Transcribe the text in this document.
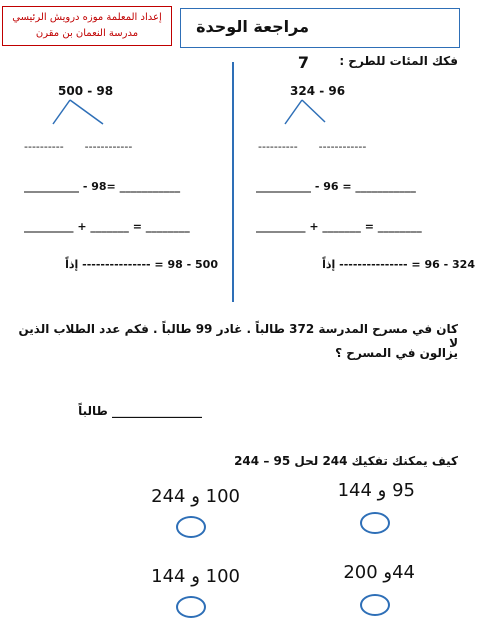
إعداد المعلمة موزه درويش الرئيسي
مدرسة النعمان بن مقرن	مراجعة الوحدة 7	فكك المئات للطرح :
324 - 96
----------      ------------
__________ - 96 = ___________
_________ + _______ = ________
324 - 96 = --------------- إذاً
500 - 98
----------      ------------
__________ - 98= ___________
_________ + _______ = ________
500 - 98 = --------------- إذاً
كان في مسرح المدرسة 372 طالباً . غادر 99 طالباً . فكم عدد الطلاب الذين لا
يزالون في المسرح ؟
_______________ طالباً
كيف يمكنك تفكيك 244 لحل 95 – 244
95 و 144
100 و 244
44و 200
100 و 144
